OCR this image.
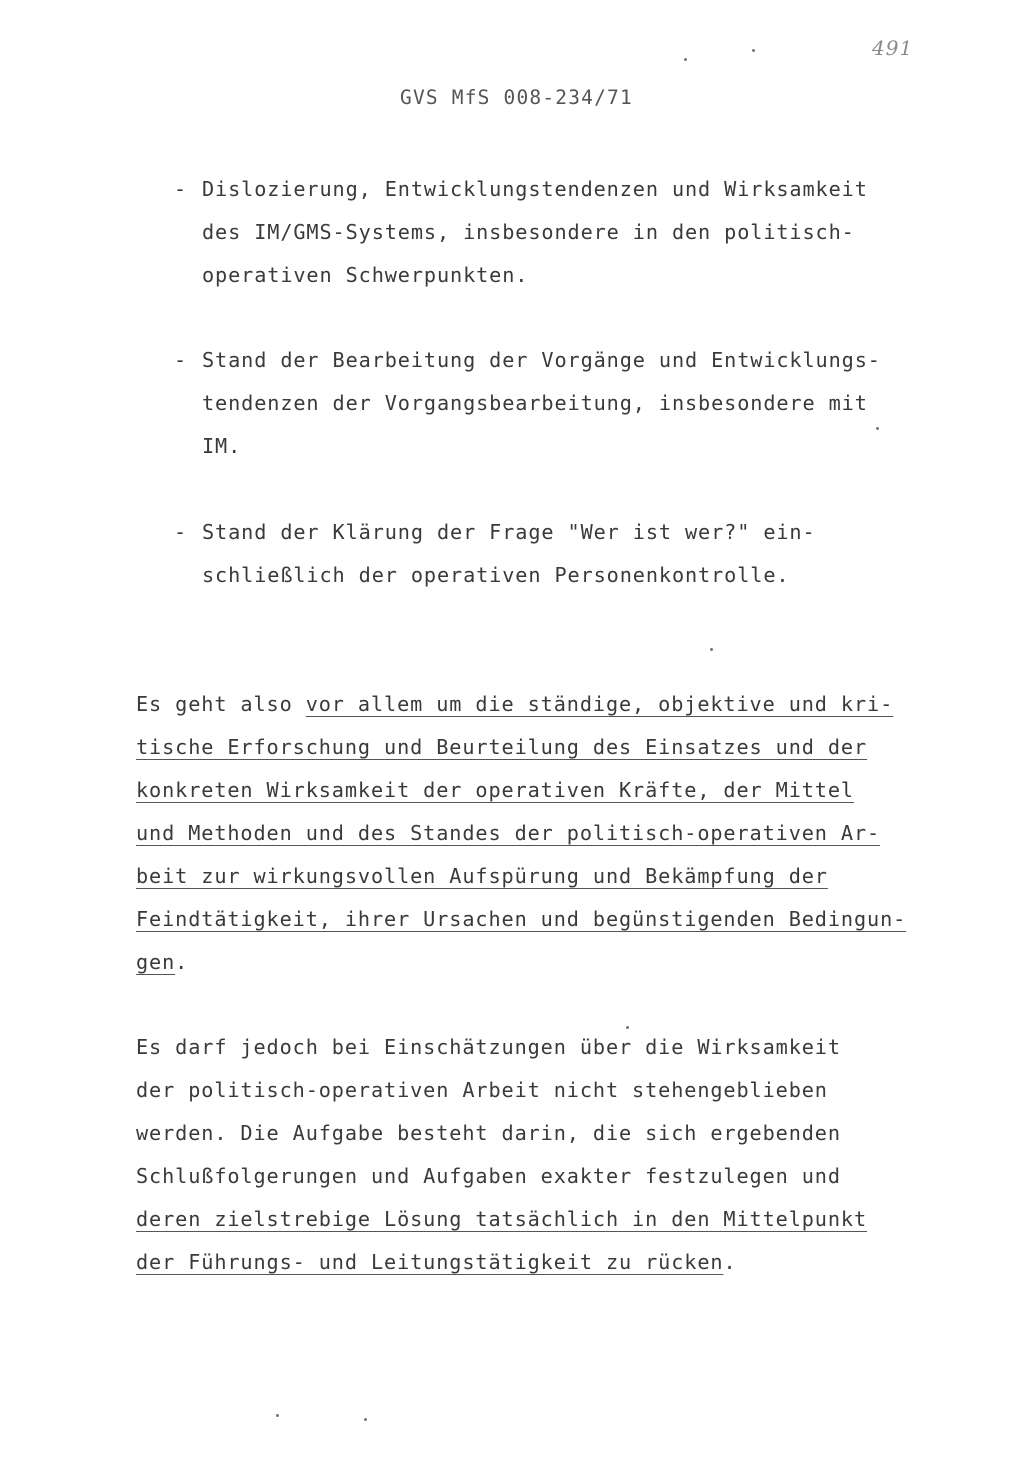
491
GVS MfS 008-234/71
- Dislozierung, Entwicklungstendenzen und Wirksamkeit
des IM/GMS-Systems, insbesondere in den politisch-
operativen Schwerpunkten.
- Stand der Bearbeitung der Vorgänge und Entwicklungs-
tendenzen der Vorgangsbearbeitung, insbesondere mit
IM.
- Stand der Klärung der Frage "Wer ist wer?" ein-
schließlich der operativen Personenkontrolle.
Es geht also vor allem um die ständige, objektive und kri-
tische Erforschung und Beurteilung des Einsatzes und der
konkreten Wirksamkeit der operativen Kräfte, der Mittel
und Methoden und des Standes der politisch-operativen Ar-
beit zur wirkungsvollen Aufspürung und Bekämpfung der
Feindtätigkeit, ihrer Ursachen und begünstigenden Bedingun-
gen.
Es darf jedoch bei Einschätzungen über die Wirksamkeit
der politisch-operativen Arbeit nicht stehengeblieben
werden. Die Aufgabe besteht darin, die sich ergebenden
Schlußfolgerungen und Aufgaben exakter festzulegen und
deren zielstrebige Lösung tatsächlich in den Mittelpunkt
der Führungs- und Leitungstätigkeit zu rücken.
